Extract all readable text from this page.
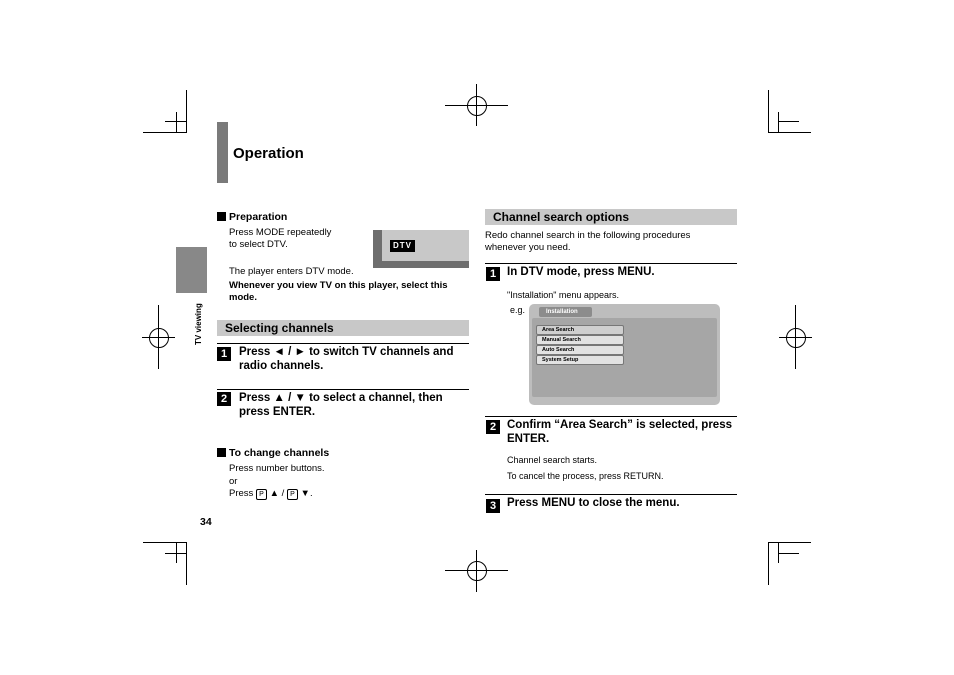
Operation
TV viewing
Preparation
Press MODE repeatedly
to select DTV.	DTV
The player enters DTV mode.
Whenever you view TV on this player, select this
mode.
Selecting channels
1	Press ◄ / ► to switch TV channels and
radio channels.
2	Press ▲ / ▼ to select a channel, then
press ENTER.
To change channels
Press number buttons.
or
Press P ▲ / P ▼.
34
Channel search options
Redo channel search in the following procedures
whenever you need.
1 In DTV mode, press MENU.
"Installation" menu appears.
e.g.	Installation
Area Search
Manual Search
Auto Search
System Setup
2 Confirm “Area Search” is selected, press
ENTER.
Channel search starts.
To cancel the process, press RETURN.
3 Press MENU to close the menu.
